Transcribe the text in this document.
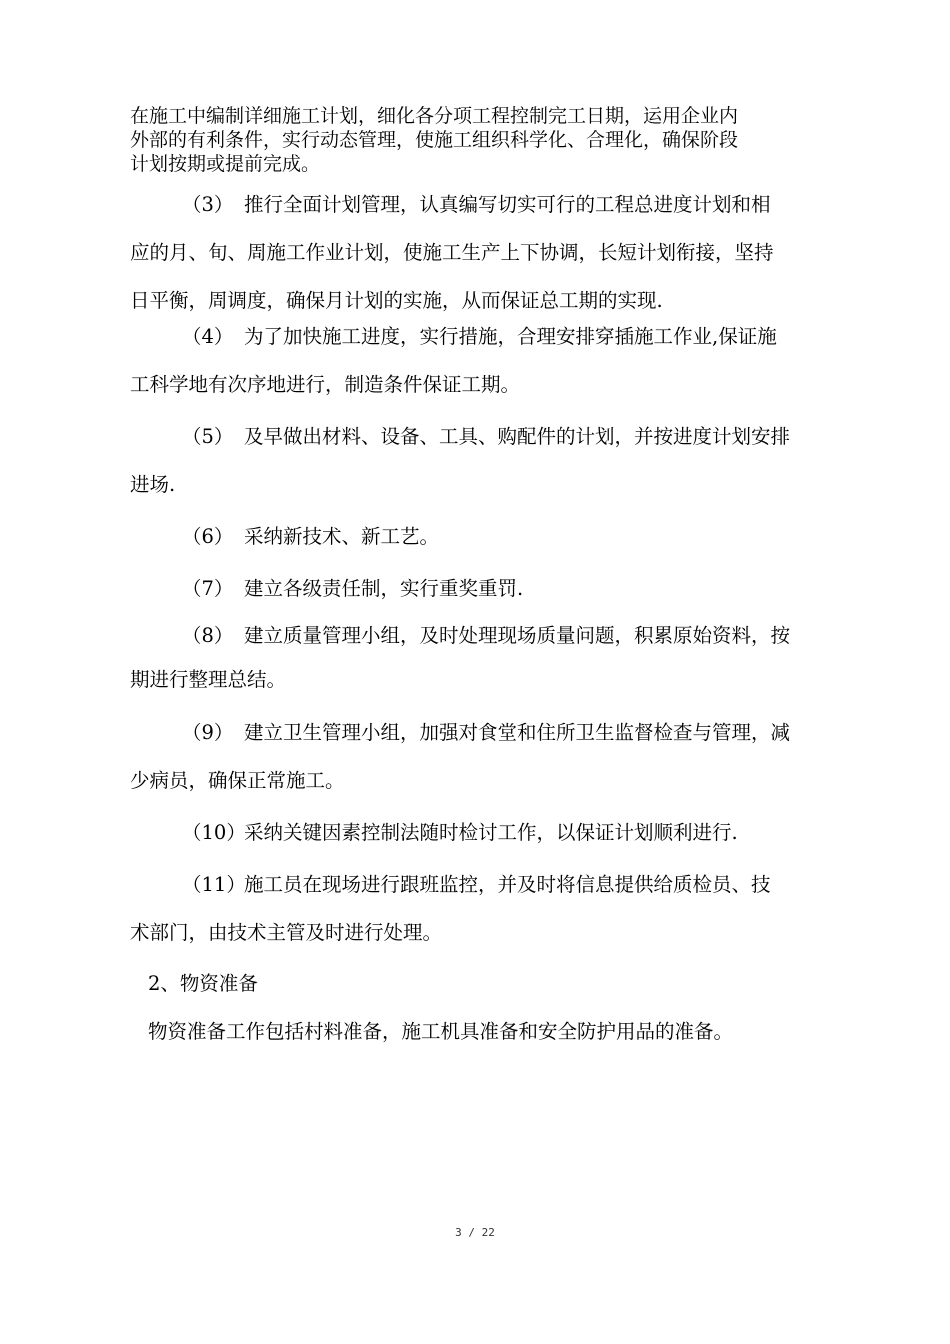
在施工中编制详细施工计划，细化各分项工程控制完工日期，运用企业内
外部的有利条件，实行动态管理，使施工组织科学化、合理化，确保阶段
计划按期或提前完成。
（3） 推行全面计划管理，认真编写切实可行的工程总进度计划和相
应的月、旬、周施工作业计划，使施工生产上下协调，长短计划衔接，坚持
日平衡，周调度，确保月计划的实施，从而保证总工期的实现.
（4） 为了加快施工进度，实行措施，合理安排穿插施工作业,保证施
工科学地有次序地进行，制造条件保证工期。
（5） 及早做出材料、设备、工具、购配件的计划，并按进度计划安排
进场.
（6） 采纳新技术、新工艺。
（7） 建立各级责任制，实行重奖重罚.
（8） 建立质量管理小组，及时处理现场质量问题，积累原始资料，按
期进行整理总结。
（9） 建立卫生管理小组，加强对食堂和住所卫生监督检查与管理，减
少病员，确保正常施工。
（10）采纳关键因素控制法随时检讨工作，以保证计划顺利进行.
（11）施工员在现场进行跟班监控，并及时将信息提供给质检员、技
术部门，由技术主管及时进行处理。
2、物资准备
物资准备工作包括村料准备，施工机具准备和安全防护用品的准备。
3 / 22
